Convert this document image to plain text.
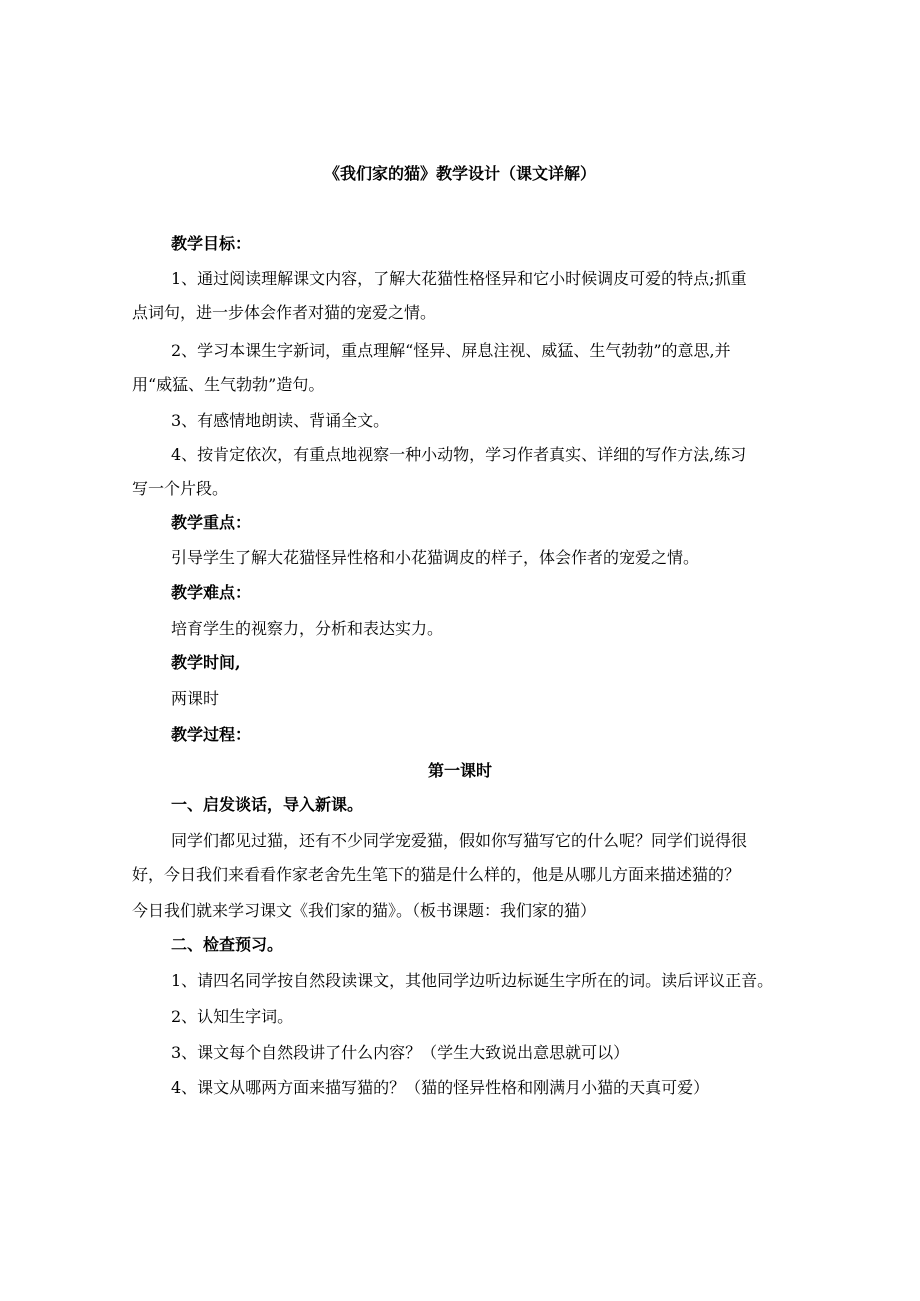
《我们家的猫》教学设计（课文详解）
教学目标：
1、通过阅读理解课文内容，了解大花猫性格怪异和它小时候调皮可爱的特点;抓重
点词句，进一步体会作者对猫的宠爱之情。
2、学习本课生字新词，重点理解“怪异、屏息注视、威猛、生气勃勃”的意思,并
用“威猛、生气勃勃”造句。
3、有感情地朗读、背诵全文。
4、按肯定依次，有重点地视察一种小动物，学习作者真实、详细的写作方法,练习
写一个片段。
教学重点：
引导学生了解大花猫怪异性格和小花猫调皮的样子，体会作者的宠爱之情。
教学难点：
培育学生的视察力，分析和表达实力。
教学时间,
两课时
教学过程：
第一课时
一、启发谈话，导入新课。
同学们都见过猫，还有不少同学宠爱猫，假如你写猫写它的什么呢？同学们说得很
好，今日我们来看看作家老舍先生笔下的猫是什么样的，他是从哪儿方面来描述猫的？
今日我们就来学习课文《我们家的猫》。（板书课题：我们家的猫）
二、检查预习。
1、请四名同学按自然段读课文，其他同学边听边标诞生字所在的词。读后评议正音。
2、认知生字词。
3、课文每个自然段讲了什么内容？（学生大致说出意思就可以）
4、课文从哪两方面来描写猫的？（猫的怪异性格和刚满月小猫的天真可爱）
